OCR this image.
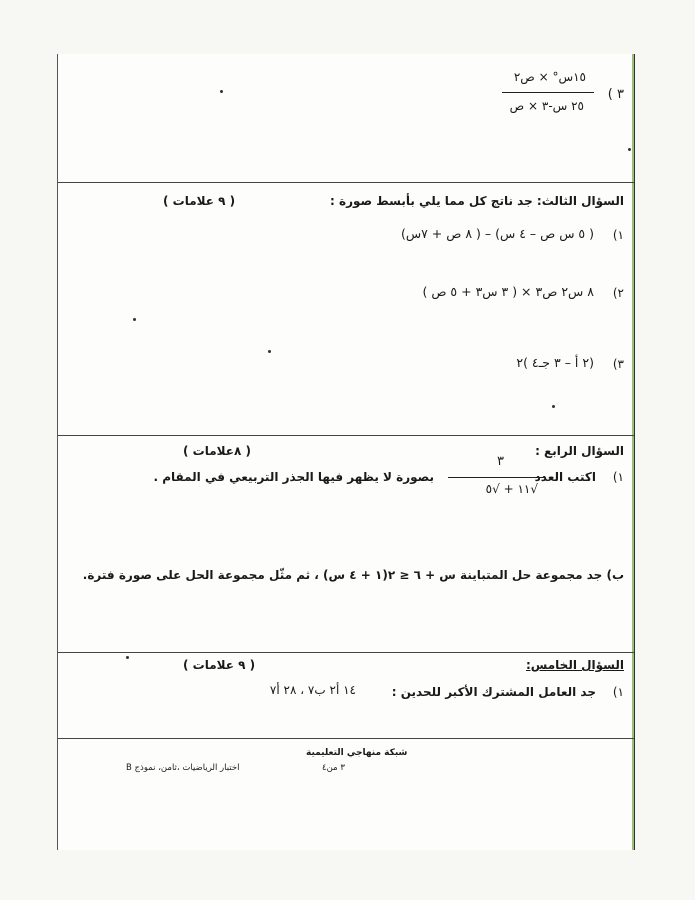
٣ )
١٥س° × ص٢
٢٥ س-٣ × ص
السؤال الثالث: جد ناتج كل مما يلي بأبسط صورة :
( ٩ علامات )
١)
( ٥ س ص – ٤ س) – ( ٨ ص + ٧س)
٢)
٨ س٢ ص٣ × ( ٣ س٣ + ٥ ص )
٣)
(٢ أ – ٣ جـ٤ )٢
السؤال الرابع :
( ٨علامات )
١)
اكتب العدد
٣
√١١ + √٥
بصورة لا يظهر فيها الجذر التربيعي في المقام .
ب) جد مجموعة حل المتباينة س + ٦ ≤ ٢(١ + ٤ س) ، ثم مثّل مجموعة الحل على صورة فترة.
السؤال الخامس:
( ٩ علامات )
١)
جد العامل المشترك الأكبر للحدين :
١٤ أ٢ ب٧ ، ٢٨ أ٧
شبكة منهاجي التعليمية
اختبار الرياضيات ،ثامن، نموذج B	٣ من٤
